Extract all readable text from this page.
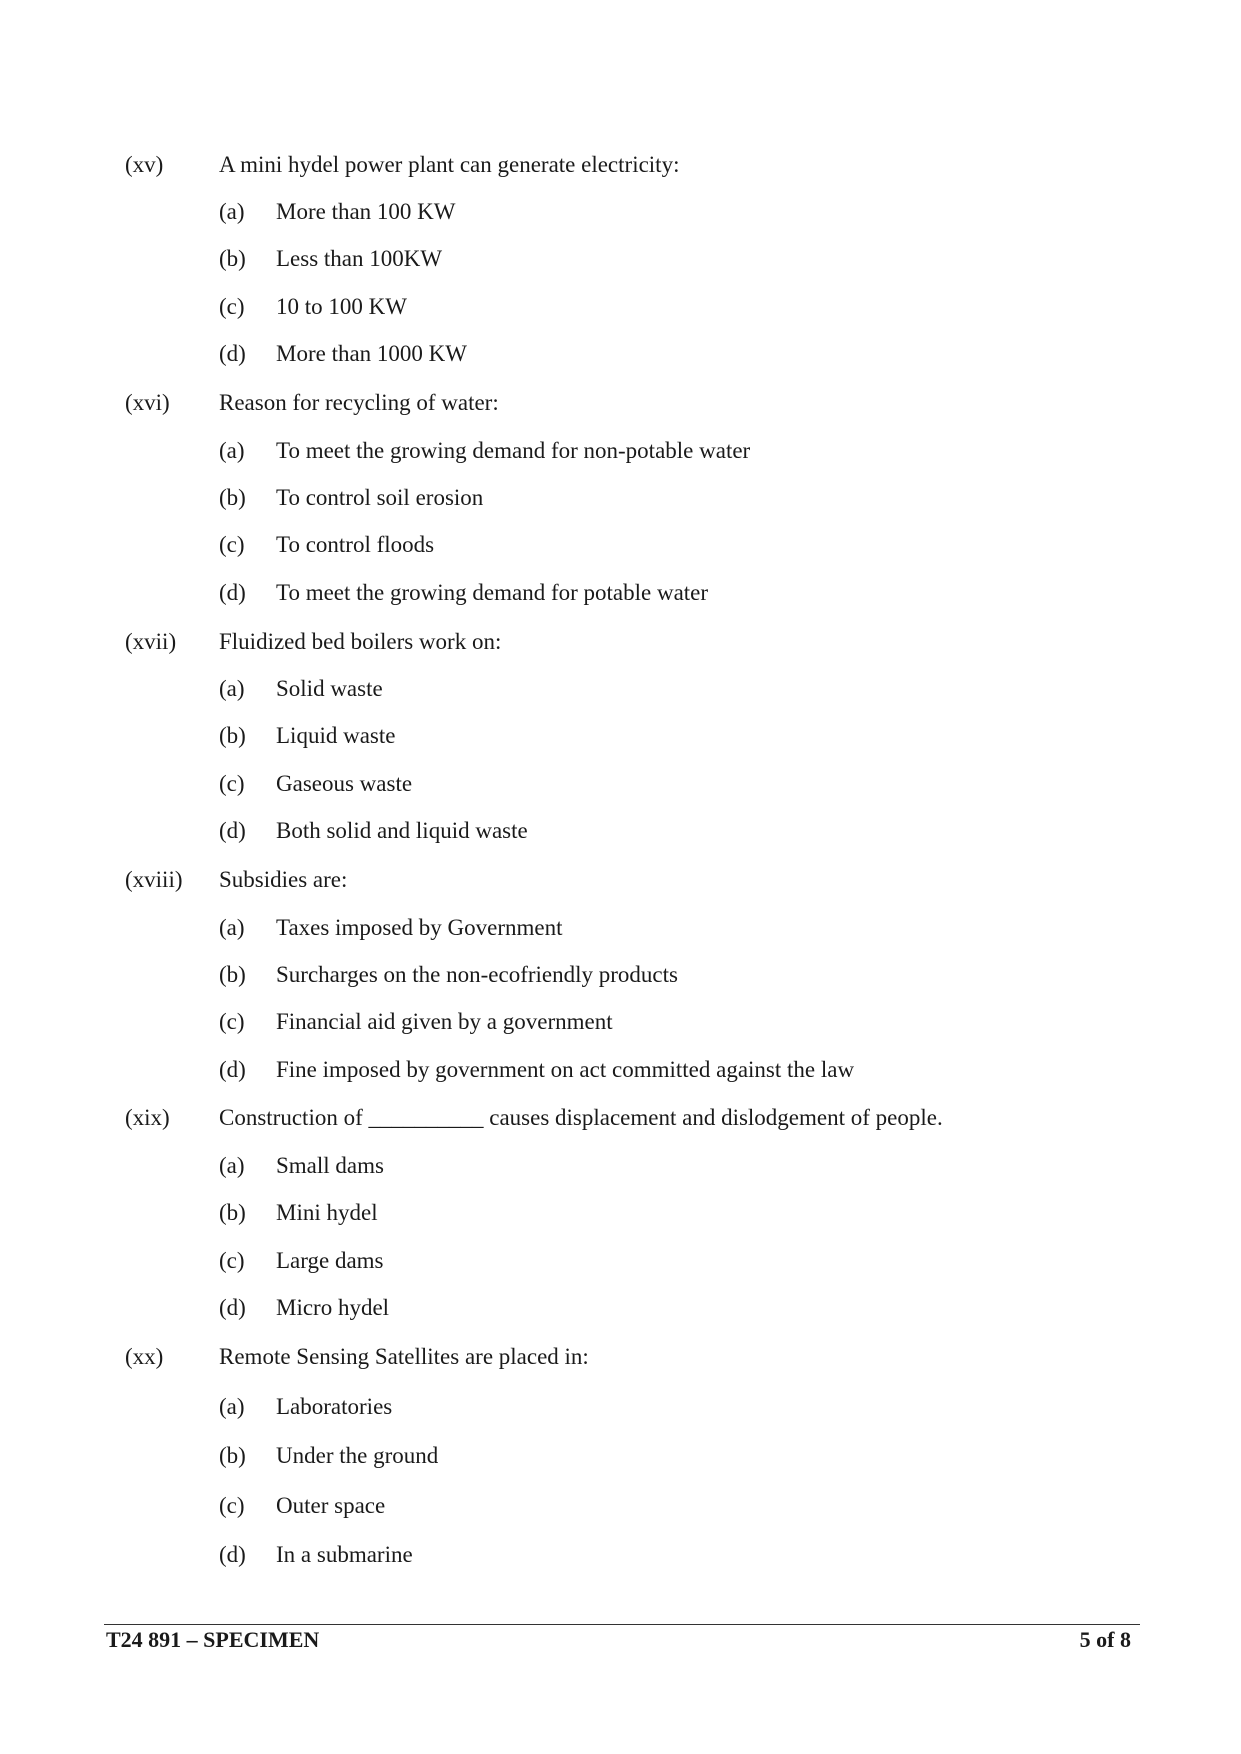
(xv) A mini hydel power plant can generate electricity:
(a) More than 100 KW
(b) Less than 100KW
(c) 10 to 100 KW
(d) More than 1000 KW
(xvi) Reason for recycling of water:
(a) To meet the growing demand for non-potable water
(b) To control soil erosion
(c) To control floods
(d) To meet the growing demand for potable water
(xvii) Fluidized bed boilers work on:
(a) Solid waste
(b) Liquid waste
(c) Gaseous waste
(d) Both solid and liquid waste
(xviii) Subsidies are:
(a) Taxes imposed by Government
(b) Surcharges on the non-ecofriendly products
(c) Financial aid given by a government
(d) Fine imposed by government on act committed against the law
(xix) Construction of __________ causes displacement and dislodgement of people.
(a) Small dams
(b) Mini hydel
(c) Large dams
(d) Micro hydel
(xx) Remote Sensing Satellites are placed in:
(a) Laboratories
(b) Under the ground
(c) Outer space
(d) In a submarine
T24 891 – SPECIMEN	5 of 8
